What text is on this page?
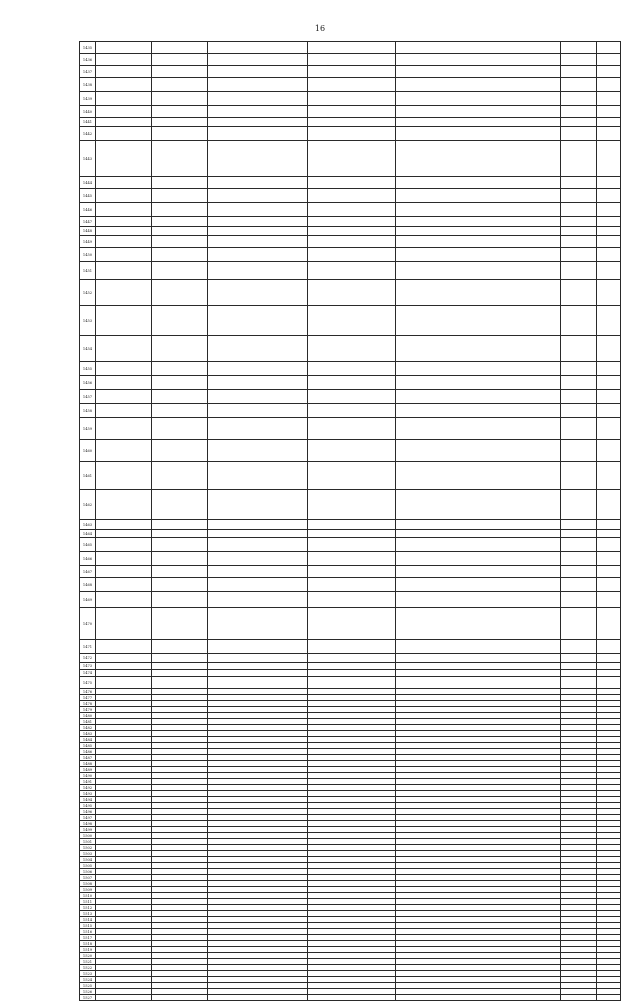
16
1435							
1436							
1437							
1438							
1439							
1440							
1441							
1442							
1443							
1444							
1445							
1446							
1447							
1448							
1449							
1450							
1451							
1452							
1453							
1454							
1455							
1456							
1457							
1458							
1459							
1460							
1461							
1462							
1463							
1464							
1465							
1466							
1467							
1468							
1469							
1470							
1471							
1472							
1473							
1474							
1475							
1476							
1477							
1478							
1479							
1480							
1481							
1482							
1483							
1484							
1485							
1486							
1487							
1488							
1489							
1490							
1491							
1492							
1493							
1494							
1495							
1496							
1497							
1498							
1499							
1500							
1501							
1502							
1503							
1504							
1505							
1506							
1507							
1508							
1509							
1510							
1511							
1512							
1513							
1514							
1515							
1516							
1517							
1518							
1519							
1520							
1521							
1522							
1523							
1524							
1525							
1526							
1527							
